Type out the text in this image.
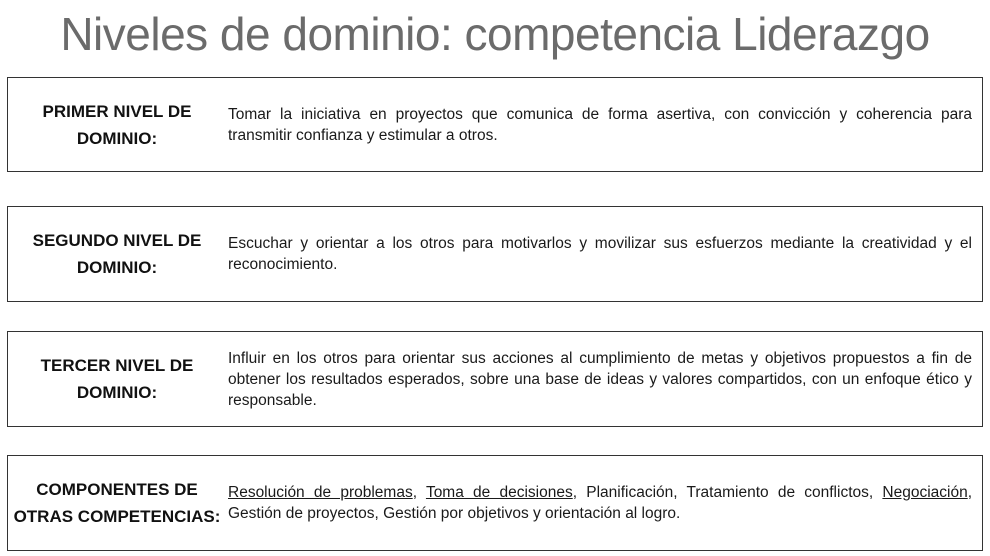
Niveles de dominio: competencia Liderazgo
PRIMER NIVEL DE
DOMINIO:

Tomar la iniciativa en proyectos que comunica de forma asertiva, con convicción y coherencia para transmitir confianza y estimular a otros.

SEGUNDO NIVEL DE
DOMINIO:

Escuchar y orientar a los otros para motivarlos y movilizar sus esfuerzos mediante la creatividad y el reconocimiento.

TERCER NIVEL DE
DOMINIO:

Influir en los otros para orientar sus acciones al cumplimiento de metas y objetivos propuestos a fin de obtener los resultados esperados, sobre una base de ideas y valores compartidos, con un enfoque ético y responsable.

COMPONENTES DE
OTRAS COMPETENCIAS:

Resolución de problemas, Toma de decisiones, Planificación, Tratamiento de conflictos, Negociación, Gestión de proyectos, Gestión por objetivos y orientación al logro.
